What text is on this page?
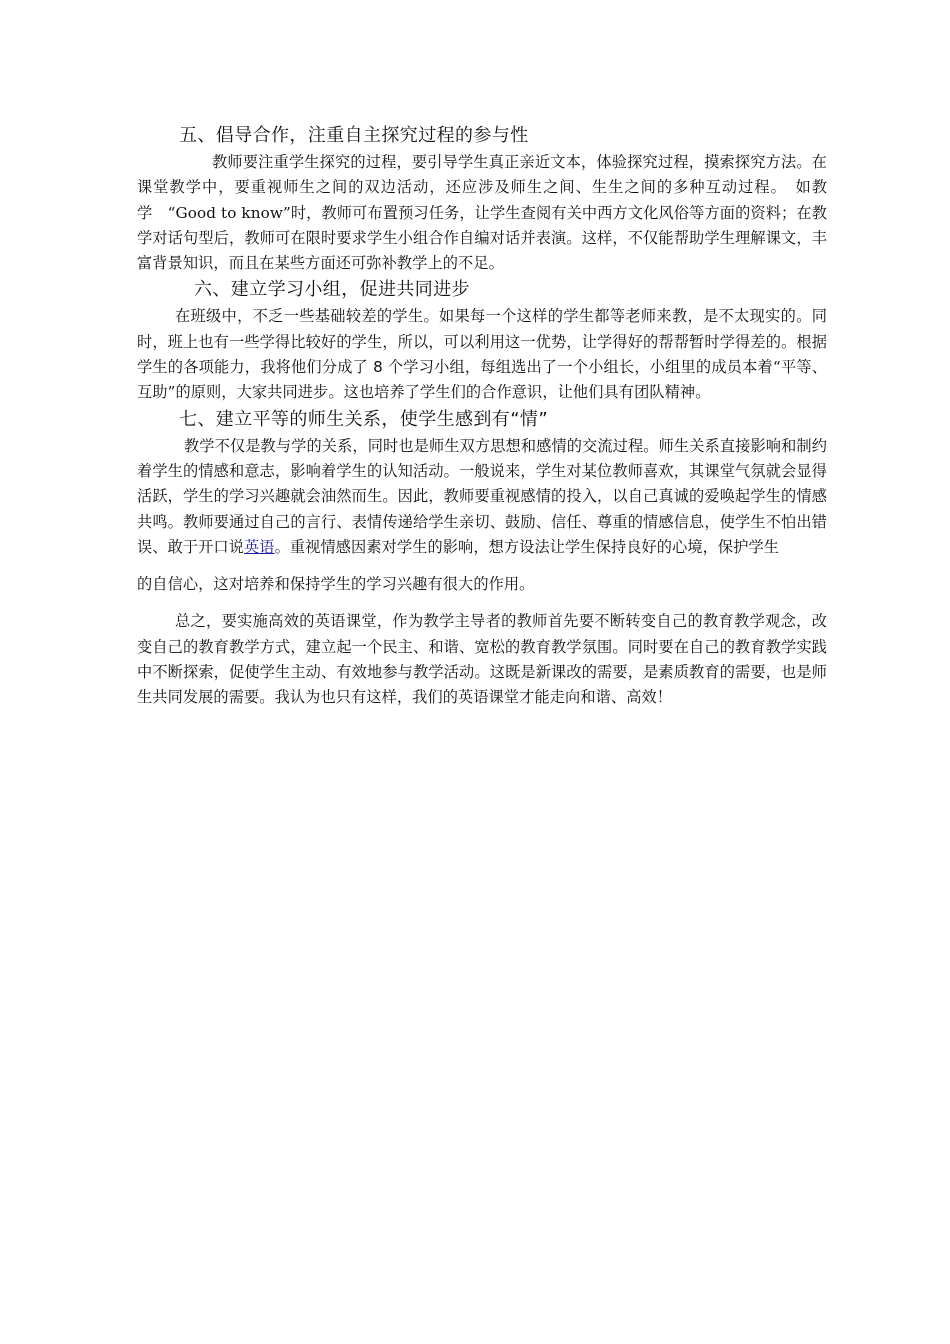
五、倡导合作，注重自主探究过程的参与性

教师要注重学生探究的过程，要引导学生真正亲近文本，体验探究过程，摸索探究方法。在课堂教学中，要重视师生之间的双边活动，还应涉及师生之间、生生之间的多种互动过程。　如教学　“Good to know”时，教师可布置预习任务，让学生查阅有关中西方文化风俗等方面的资料；在教学对话句型后，教师可在限时要求学生小组合作自编对话并表演。这样，不仅能帮助学生理解课文，丰富背景知识，而且在某些方面还可弥补教学上的不足。

六、建立学习小组，促进共同进步

在班级中，不乏一些基础较差的学生。如果每一个这样的学生都等老师来教，是不太现实的。同时，班上也有一些学得比较好的学生，所以，可以利用这一优势，让学得好的帮帮暂时学得差的。根据学生的各项能力，我将他们分成了 8 个学习小组，每组选出了一个小组长，小组里的成员本着“平等、互助”的原则，大家共同进步。这也培养了学生们的合作意识，让他们具有团队精神。

七、建立平等的师生关系，使学生感到有“情”

教学不仅是教与学的关系，同时也是师生双方思想和感情的交流过程。师生关系直接影响和制约着学生的情感和意志，影响着学生的认知活动。一般说来，学生对某位教师喜欢，其课堂气氛就会显得活跃，学生的学习兴趣就会油然而生。因此，教师要重视感情的投入，以自己真诚的爱唤起学生的情感共鸣。教师要通过自己的言行、表情传递给学生亲切、鼓励、信任、尊重的情感信息，使学生不怕出错误、敢于开口说英语。重视情感因素对学生的影响，想方设法让学生保持良好的心境，保护学生

的自信心，这对培养和保持学生的学习兴趣有很大的作用。

总之，要实施高效的英语课堂，作为教学主导者的教师首先要不断转变自己的教育教学观念，改变自己的教育教学方式，建立起一个民主、和谐、宽松的教育教学氛围。同时要在自己的教育教学实践中不断探索，促使学生主动、有效地参与教学活动。这既是新课改的需要，是素质教育的需要，也是师生共同发展的需要。我认为也只有这样，我们的英语课堂才能走向和谐、高效！
